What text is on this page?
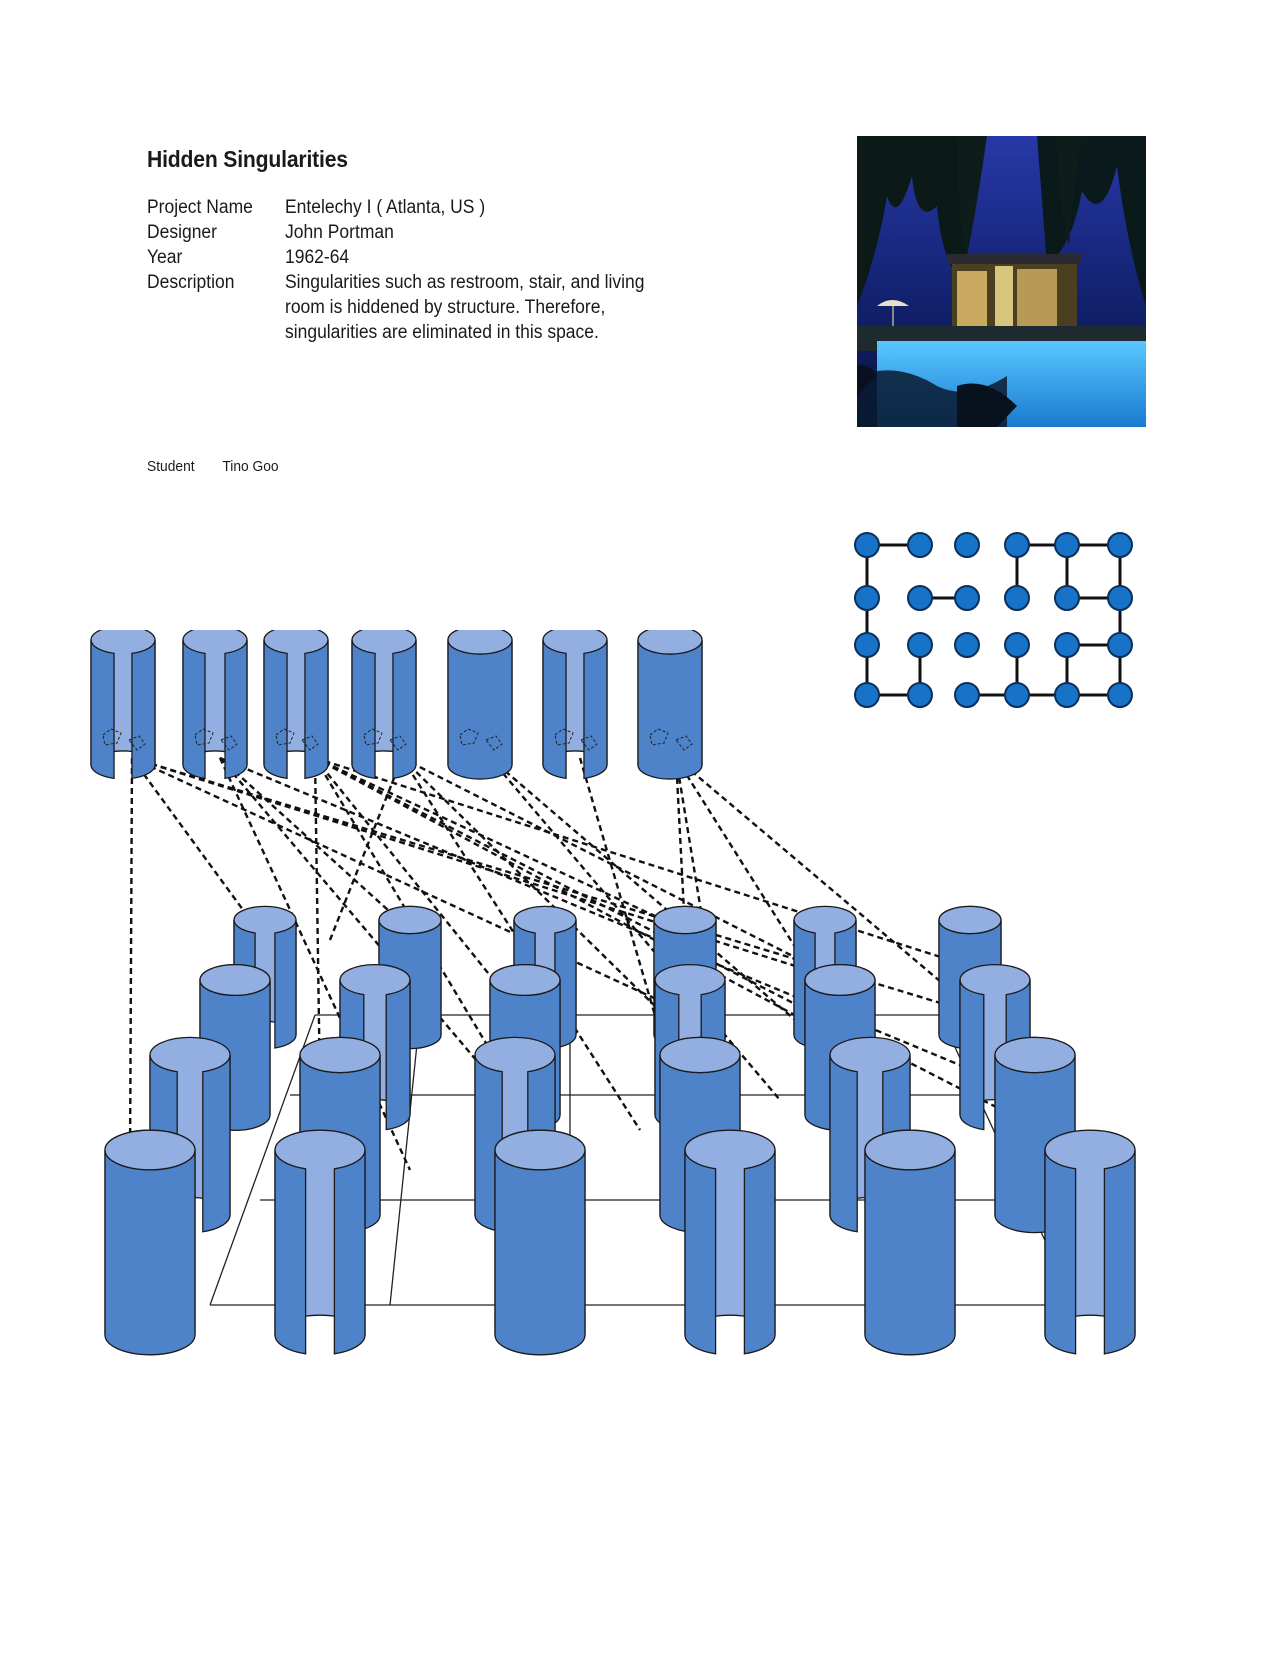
Hidden Singularities
Project Name	Entelechy I ( Atlanta, US )
Designer	John Portman
Year	1962-64
Description	Singularities such as restroom, stair, and living room is hiddened by structure. Therefore, singularities are eliminated in this space.
Student Tino Goo
